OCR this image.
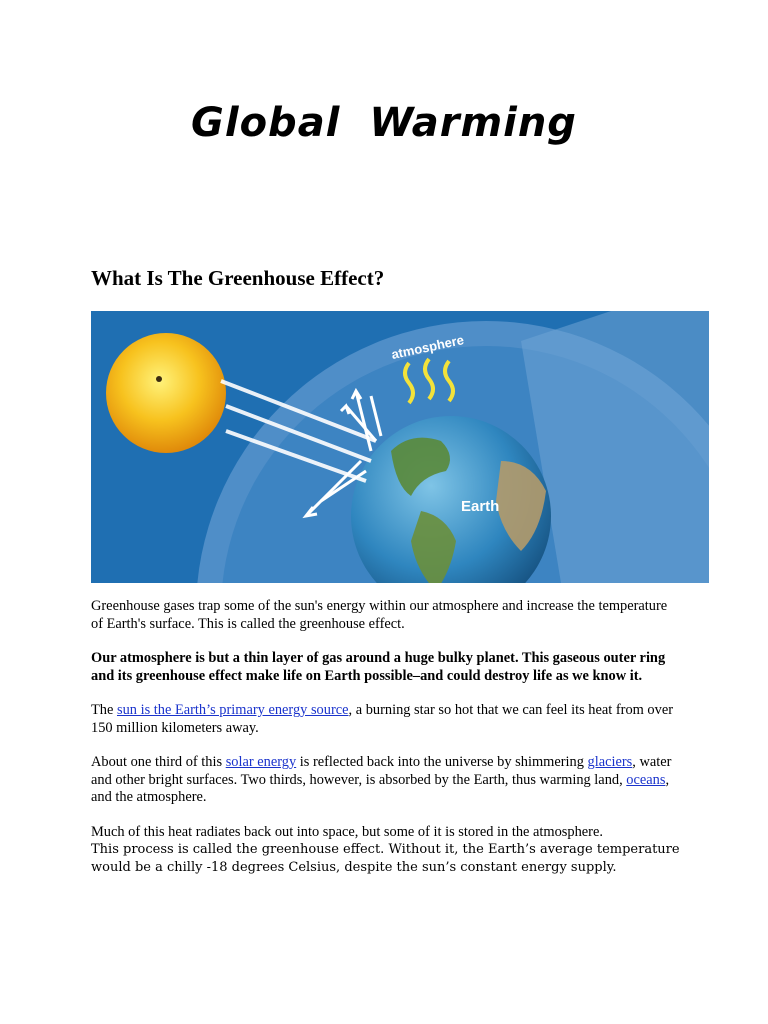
Global Warming
What Is The Greenhouse Effect?
atmosphere
Earth

Greenhouse gases trap some of the sun's energy within our atmosphere and increase the temperature of Earth's surface. This is called the greenhouse effect.

Our atmosphere is but a thin layer of gas around a huge bulky planet. This gaseous outer ring and its greenhouse effect make life on Earth possible–and could destroy life as we know it.

The sun is the Earth’s primary energy source, a burning star so hot that we can feel its heat from over 150 million kilometers away.

About one third of this solar energy is reflected back into the universe by shimmering glaciers, water and other bright surfaces. Two thirds, however, is absorbed by the Earth, thus warming land, oceans, and the atmosphere.

Much of this heat radiates back out into space, but some of it is stored in the atmosphere.
This process is called the greenhouse effect. Without it, the Earth’s average temperature would be a chilly -18 degrees Celsius, despite the sun’s constant energy supply.
